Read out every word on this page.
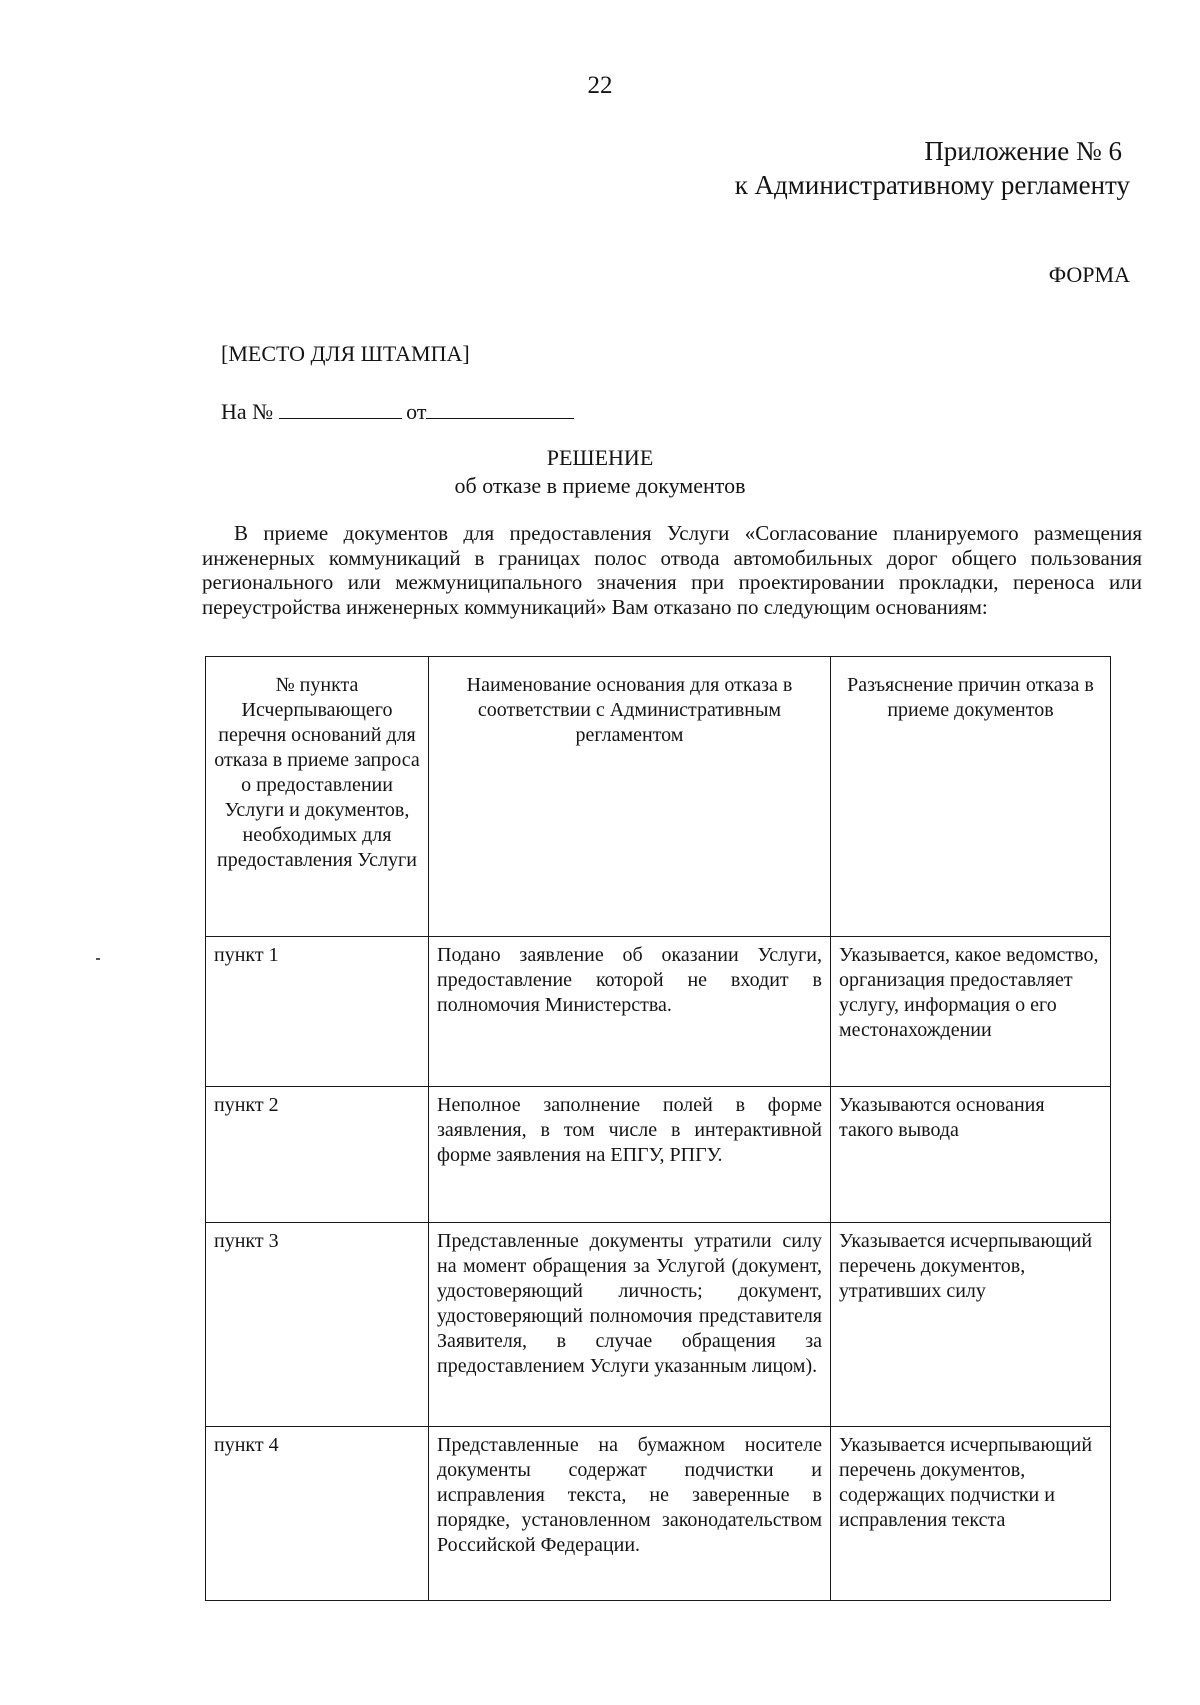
22
Приложение № 6
к Административному регламенту
ФОРМА
[МЕСТО ДЛЯ ШТАМПА]
На №	от
РЕШЕНИЕ
об отказе в приеме документов
В приеме документов для предоставления Услуги «Согласование планируемого размещения инженерных коммуникаций в границах полос отвода автомобильных дорог общего пользования регионального или межмуниципального значения при проектировании прокладки, переноса или переустройства инженерных коммуникаций» Вам отказано по следующим основаниям:
№ пункта Исчерпывающего перечня оснований для отказа в приеме запроса о предоставлении Услуги и документов, необходимых для предоставления Услуги	Наименование основания для отказа в соответствии с Административным регламентом	Разъяснение причин отказа в приеме документов
пункт 1	Подано заявление об оказании Услуги, предоставление которой не входит в полномочия Министерства.	Указывается, какое ведомство, организация предоставляет услугу, информация о его местонахождении
пункт 2	Неполное заполнение полей в форме заявления, в том числе в интерактивной форме заявления на ЕПГУ, РПГУ.	Указываются основания такого вывода
пункт 3	Представленные документы утратили силу на момент обращения за Услугой (документ, удостоверяющий личность; документ, удостоверяющий полномочия представителя Заявителя, в случае обращения за предоставлением Услуги указанным лицом).	Указывается исчерпывающий перечень документов, утративших силу
пункт 4	Представленные на бумажном носителе документы содержат подчистки и исправления текста, не заверенные в порядке, установленном законодательством Российской Федерации.	Указывается исчерпывающий перечень документов, содержащих подчистки и исправления текста
